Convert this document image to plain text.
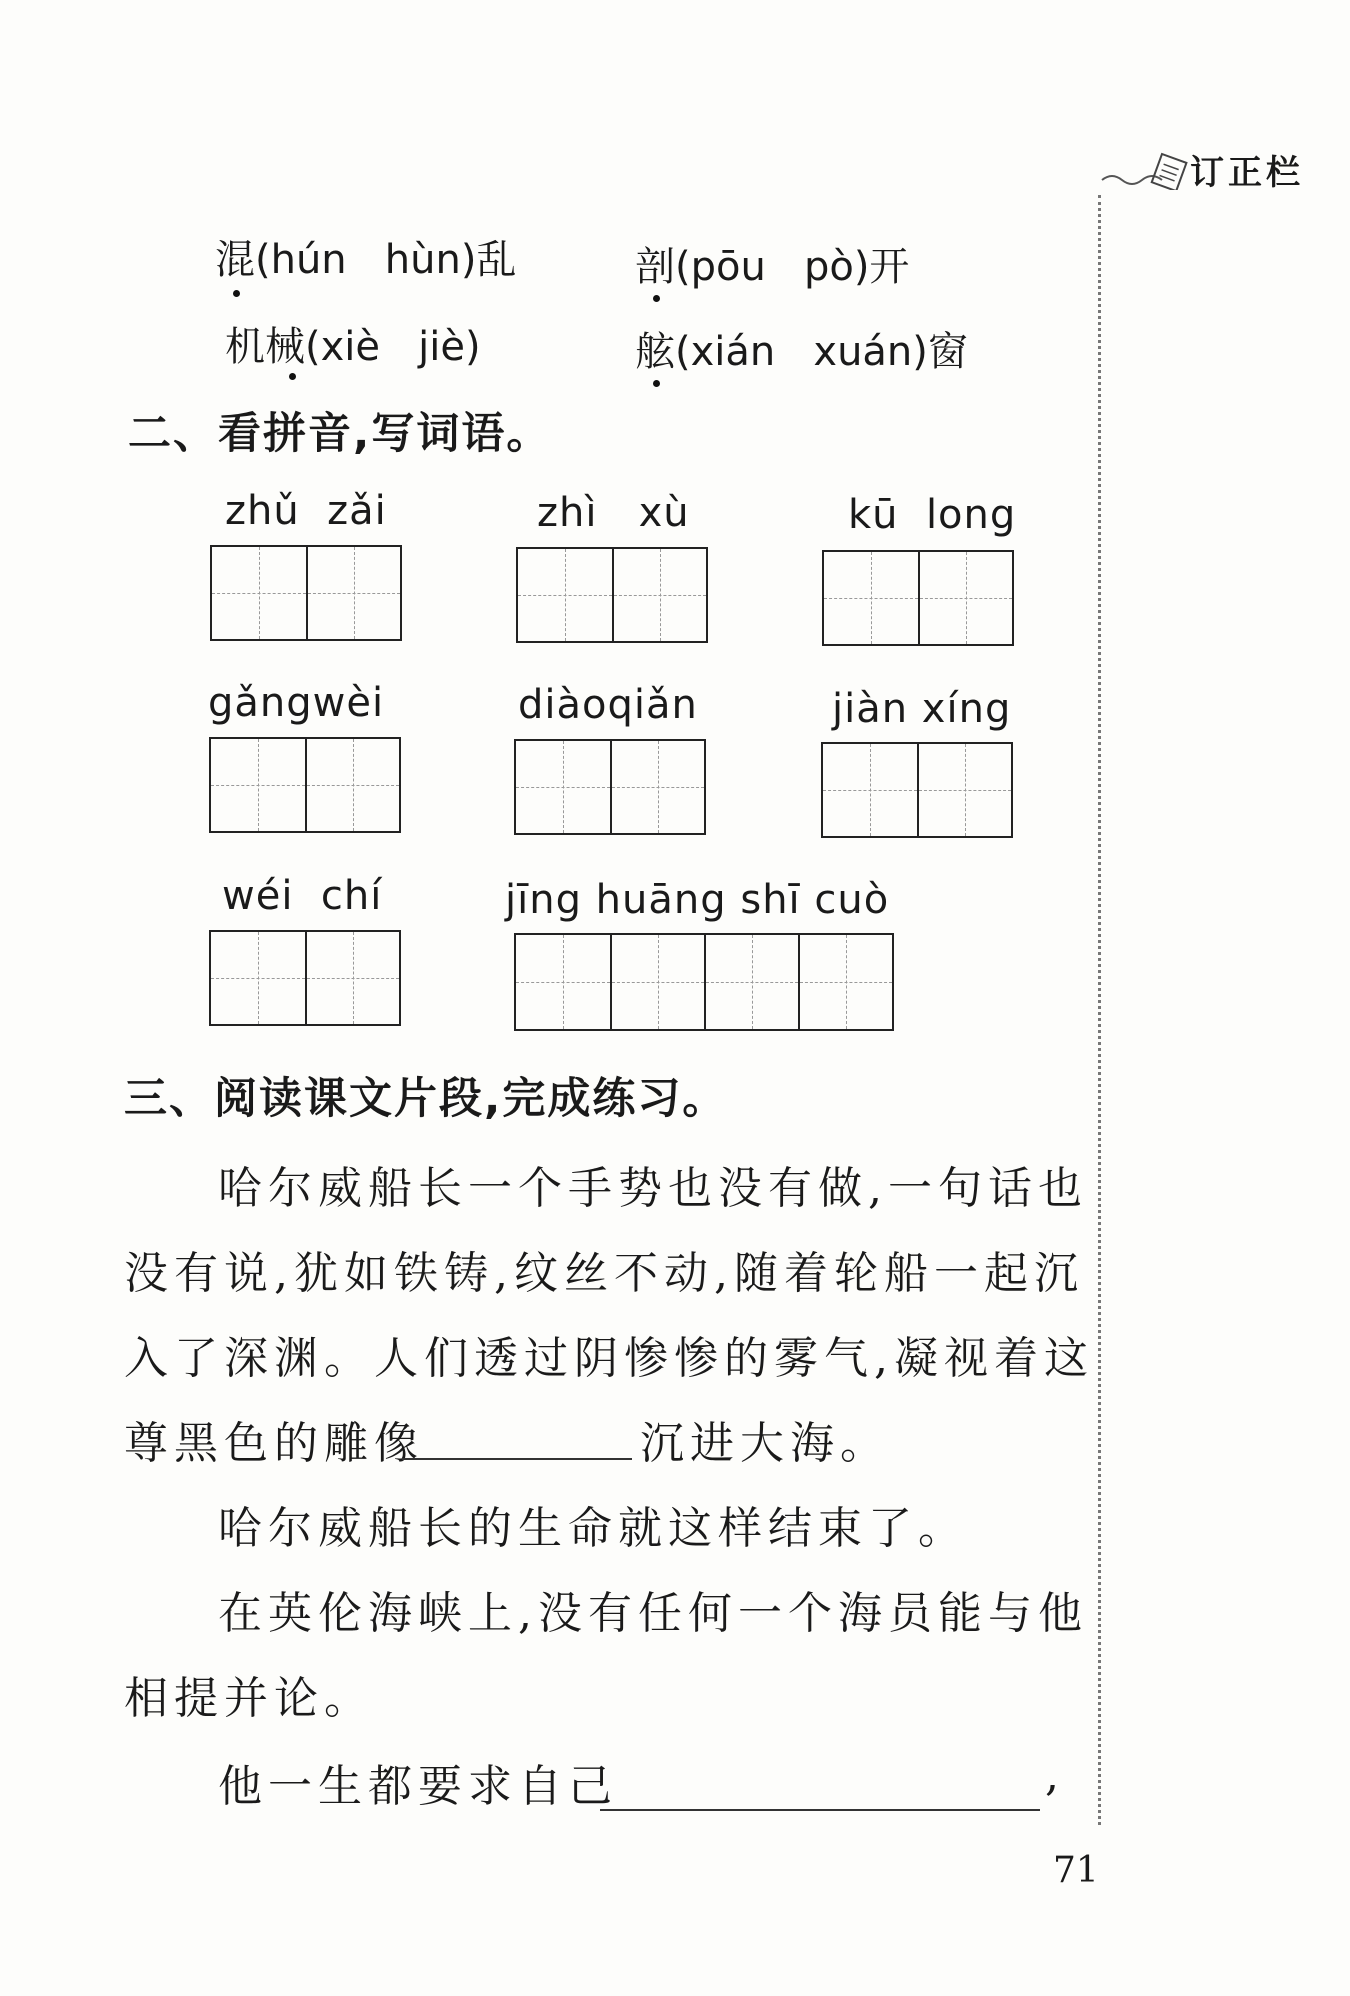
订正栏
混(hún   hùn)乱	剖(pōu   pò)开
机械(xiè   jiè)	舷(xián   xuán)窗
二、看拼音,写词语。
zhǔ  zǎi	zhì   xù	kū  long
gǎngwèi	diàoqiǎn	jiàn xíng
wéi  chí	jīng huāng shī cuò
三、阅读课文片段,完成练习。
哈尔威船长一个手势也没有做,一句话也
没有说,犹如铁铸,纹丝不动,随着轮船一起沉
入了深渊。人们透过阴惨惨的雾气,凝视着这
尊黑色的雕像	沉进大海。
哈尔威船长的生命就这样结束了。
在英伦海峡上,没有任何一个海员能与他
相提并论。
他一生都要求自己	,
71
